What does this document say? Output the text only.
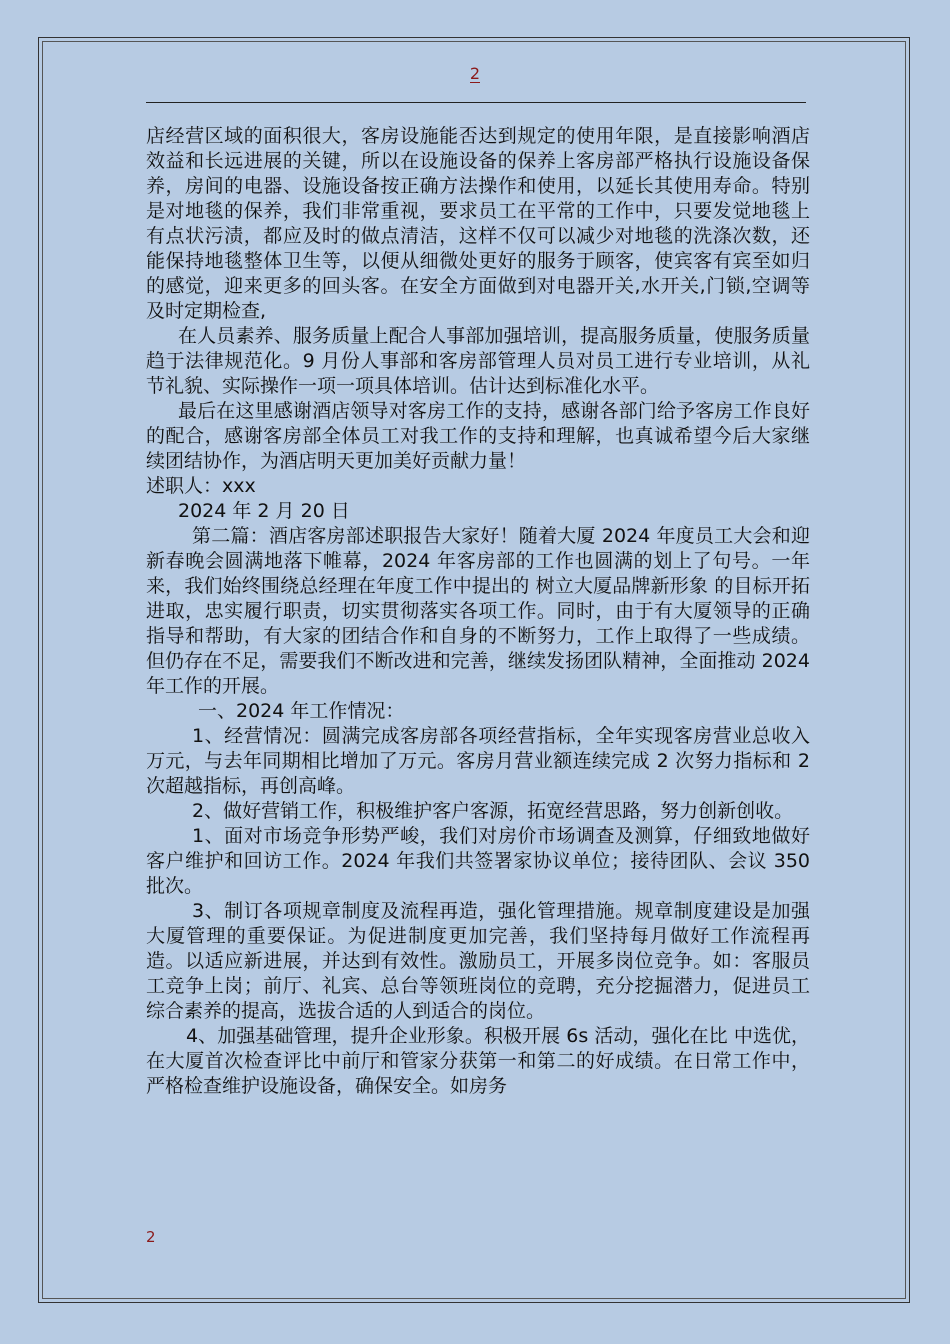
2

店经营区域的面积很大，客房设施能否达到规定的使用年限，是直接影响酒店效益和长远进展的关键，所以在设施设备的保养上客房部严格执行设施设备保养，房间的电器、设施设备按正确方法操作和使用，以延长其使用寿命。特别是对地毯的保养，我们非常重视，要求员工在平常的工作中，只要发觉地毯上有点状污渍，都应及时的做点清洁，这样不仅可以减少对地毯的洗涤次数，还能保持地毯整体卫生等，以便从细微处更好的服务于顾客，使宾客有宾至如归的感觉，迎来更多的回头客。在安全方面做到对电器开关,水开关,门锁,空调等及时定期检查,

在人员素养、服务质量上配合人事部加强培训，提高服务质量，使服务质量趋于法律规范化。9 月份人事部和客房部管理人员对员工进行专业培训，从礼节礼貌、实际操作一项一项具体培训。估计达到标准化水平。

最后在这里感谢酒店领导对客房工作的支持，感谢各部门给予客房工作良好的配合，感谢客房部全体员工对我工作的支持和理解，也真诚希望今后大家继续团结协作，为酒店明天更加美好贡献力量！

述职人：xxx

2024 年 2 月 20 日

第二篇：酒店客房部述职报告大家好！随着大厦 2024 年度员工大会和迎新春晚会圆满地落下帷幕，2024 年客房部的工作也圆满的划上了句号。一年来，我们始终围绕总经理在年度工作中提出的 树立大厦品牌新形象 的目标开拓进取，忠实履行职责，切实贯彻落实各项工作。同时，由于有大厦领导的正确指导和帮助，有大家的团结合作和自身的不断努力，工作上取得了一些成绩。但仍存在不足，需要我们不断改进和完善，继续发扬团队精神，全面推动 2024 年工作的开展。

一、2024 年工作情况：

1、经营情况：圆满完成客房部各项经营指标，全年实现客房营业总收入万元，与去年同期相比增加了万元。客房月营业额连续完成 2 次努力指标和 2 次超越指标，再创高峰。

2、做好营销工作，积极维护客户客源，拓宽经营思路，努力创新创收。

1、面对市场竞争形势严峻，我们对房价市场调查及测算，仔细致地做好客户维护和回访工作。2024 年我们共签署家协议单位；接待团队、会议 350 批次。

3、制订各项规章制度及流程再造，强化管理措施。规章制度建设是加强大厦管理的重要保证。为促进制度更加完善，我们坚持每月做好工作流程再造。以适应新进展，并达到有效性。激励员工，开展多岗位竞争。如：客服员工竞争上岗；前厅、礼宾、总台等领班岗位的竞聘，充分挖掘潜力，促进员工综合素养的提高，选拔合适的人到适合的岗位。

4、加强基础管理，提升企业形象。积极开展 6s 活动，强化在比 中选优，在大厦首次检查评比中前厅和管家分获第一和第二的好成绩。在日常工作中，严格检查维护设施设备，确保安全。如房务

2
